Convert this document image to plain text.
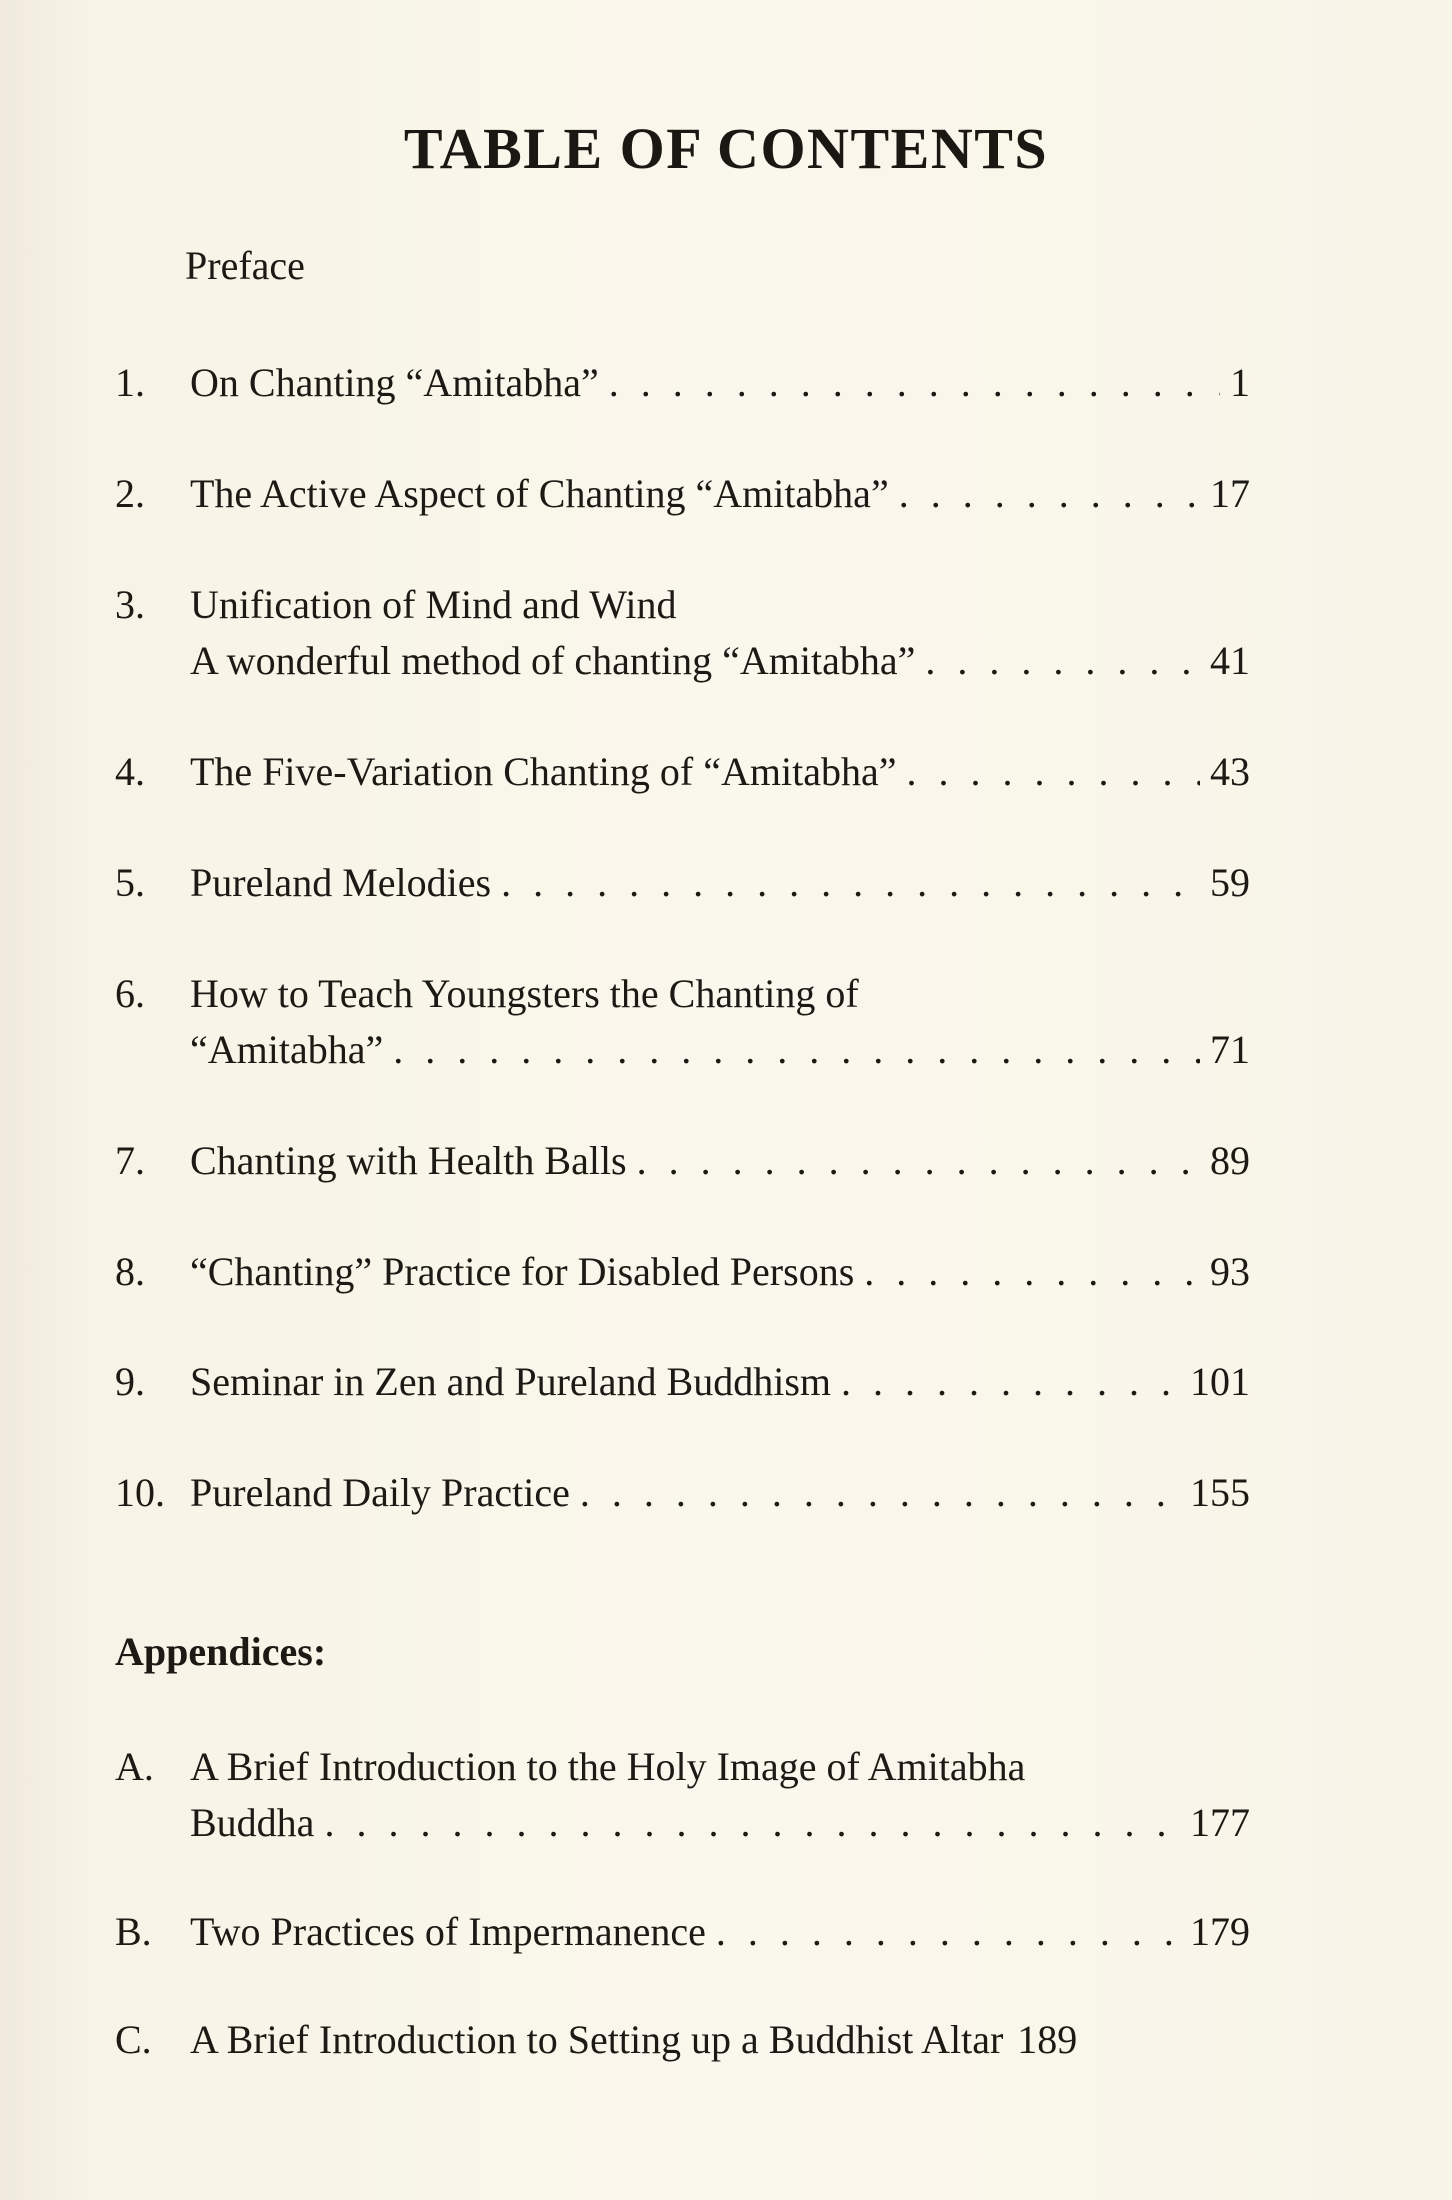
TABLE OF CONTENTS
Preface
1.	On Chanting “Amitabha” . . .	1
2.	The Active Aspect of Chanting “Amitabha” . . .	17
3.	Unification of Mind and Wind
A wonderful method of chanting “Amitabha” . . .	41
4.	The Five-Variation Chanting of “Amitabha” . . .	43
5.	Pureland Melodies . . .	59
6.	How to Teach Youngsters the Chanting of
“Amitabha” . . .	71
7.	Chanting with Health Balls . . .	89
8.	“Chanting” Practice for Disabled Persons . . .	93
9.	Seminar in Zen and Pureland Buddhism . . .	101
10. Pureland Daily Practice . . .	155
Appendices:
A. A Brief Introduction to the Holy Image of Amitabha
Buddha . . .	177
B. Two Practices of Impermanence . . .	179
C. A Brief Introduction to Setting up a Buddhist Altar 189
